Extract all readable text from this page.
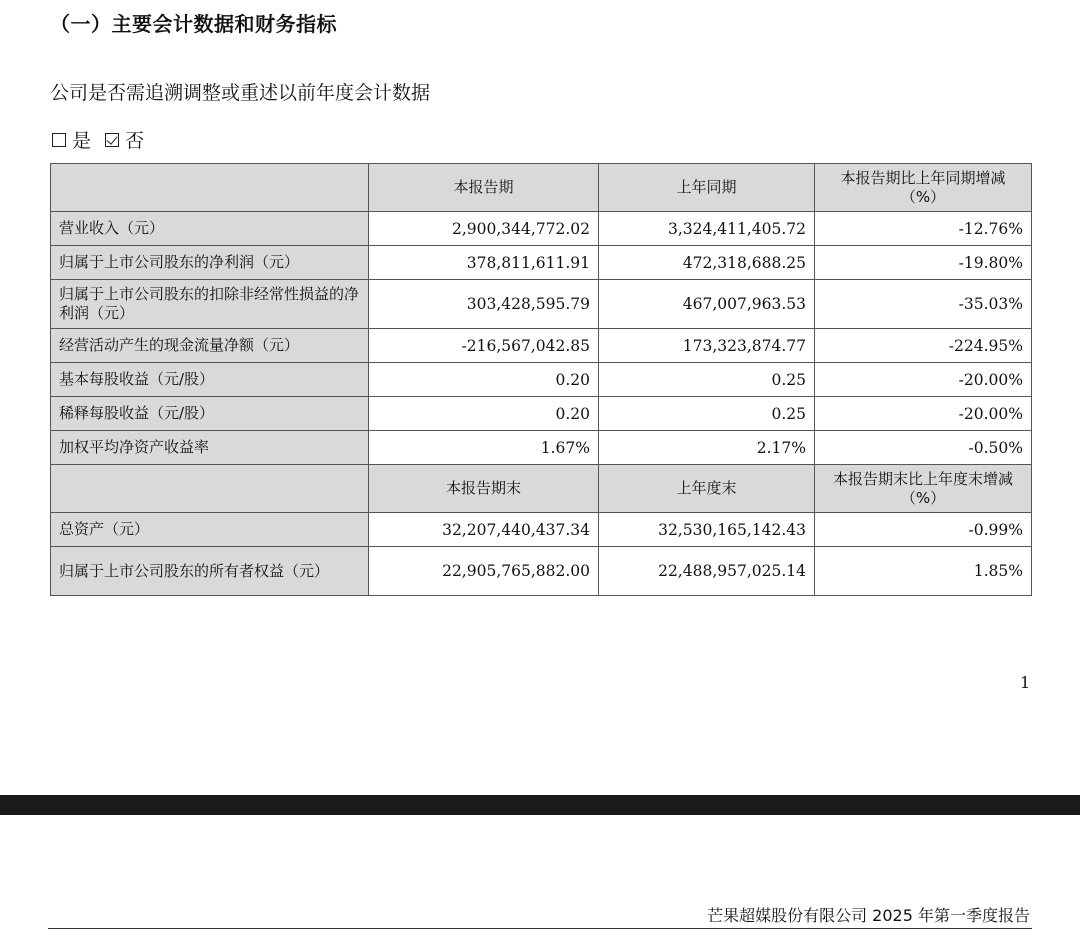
（一）主要会计数据和财务指标
公司是否需追溯调整或重述以前年度会计数据
是 否
	本报告期	上年同期	本报告期比上年同期增减（%）
营业收入（元）	2,900,344,772.02	3,324,411,405.72	-12.76%
归属于上市公司股东的净利润（元）	378,811,611.91	472,318,688.25	-19.80%
归属于上市公司股东的扣除非经常性损益的净利润（元）	303,428,595.79	467,007,963.53	-35.03%
经营活动产生的现金流量净额（元）	-216,567,042.85	173,323,874.77	-224.95%
基本每股收益（元/股）	0.20	0.25	-20.00%
稀释每股收益（元/股）	0.20	0.25	-20.00%
加权平均净资产收益率	1.67%	2.17%	-0.50%
	本报告期末	上年度末	本报告期末比上年度末增减（%）
总资产（元）	32,207,440,437.34	32,530,165,142.43	-0.99%
归属于上市公司股东的所有者权益（元）	22,905,765,882.00	22,488,957,025.14	1.85%
1
芒果超媒股份有限公司 2025 年第一季度报告
